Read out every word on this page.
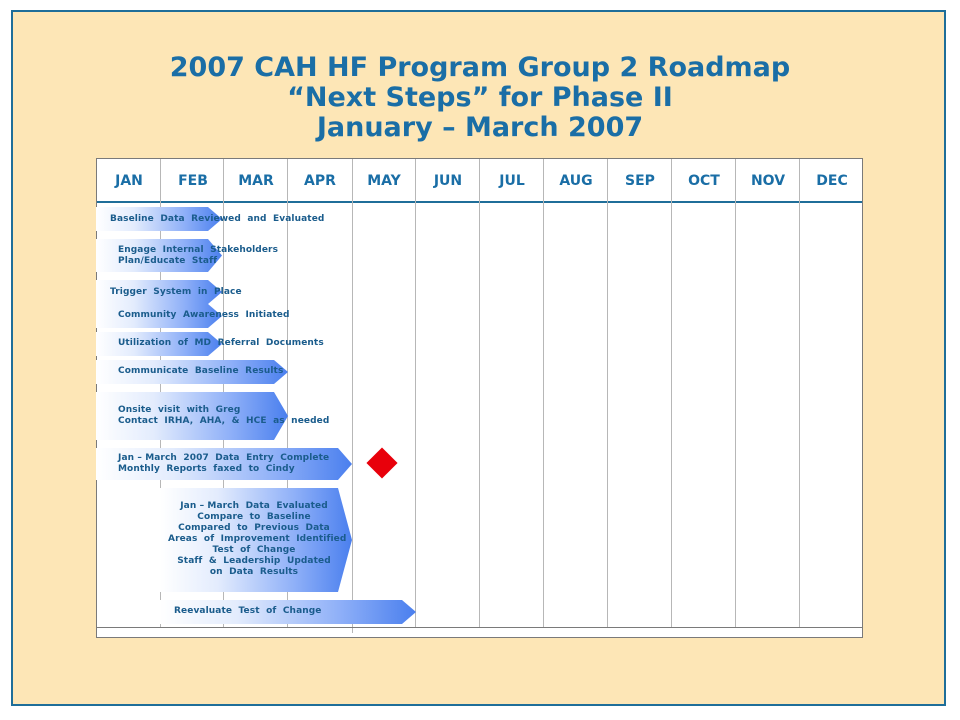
2007 CAH HF Program Group 2 Roadmap
“Next Steps” for Phase II
January – March 2007
JAN	FEB	MAR	APR	MAY	JUN	JUL	AUG	SEP	OCT	NOV	DEC
Baseline  Data  Reviewed  and  Evaluated
Engage  Internal  Stakeholders
Plan/Educate  Staff
Trigger  System  in  Place
Community  Awareness  Initiated
Utilization  of  MD  Referral  Documents
Communicate  Baseline  Results
Onsite  visit  with  Greg
Contact  IRHA,  AHA,  &  HCE  as  needed
Jan – March  2007  Data  Entry  Complete
Monthly  Reports  faxed  to  Cindy
Jan – March  Data  Evaluated
Compare  to  Baseline
Compared  to  Previous  Data
Areas  of  Improvement  Identified
Test  of  Change
Staff  &  Leadership  Updated
on  Data  Results
Reevaluate  Test  of  Change
